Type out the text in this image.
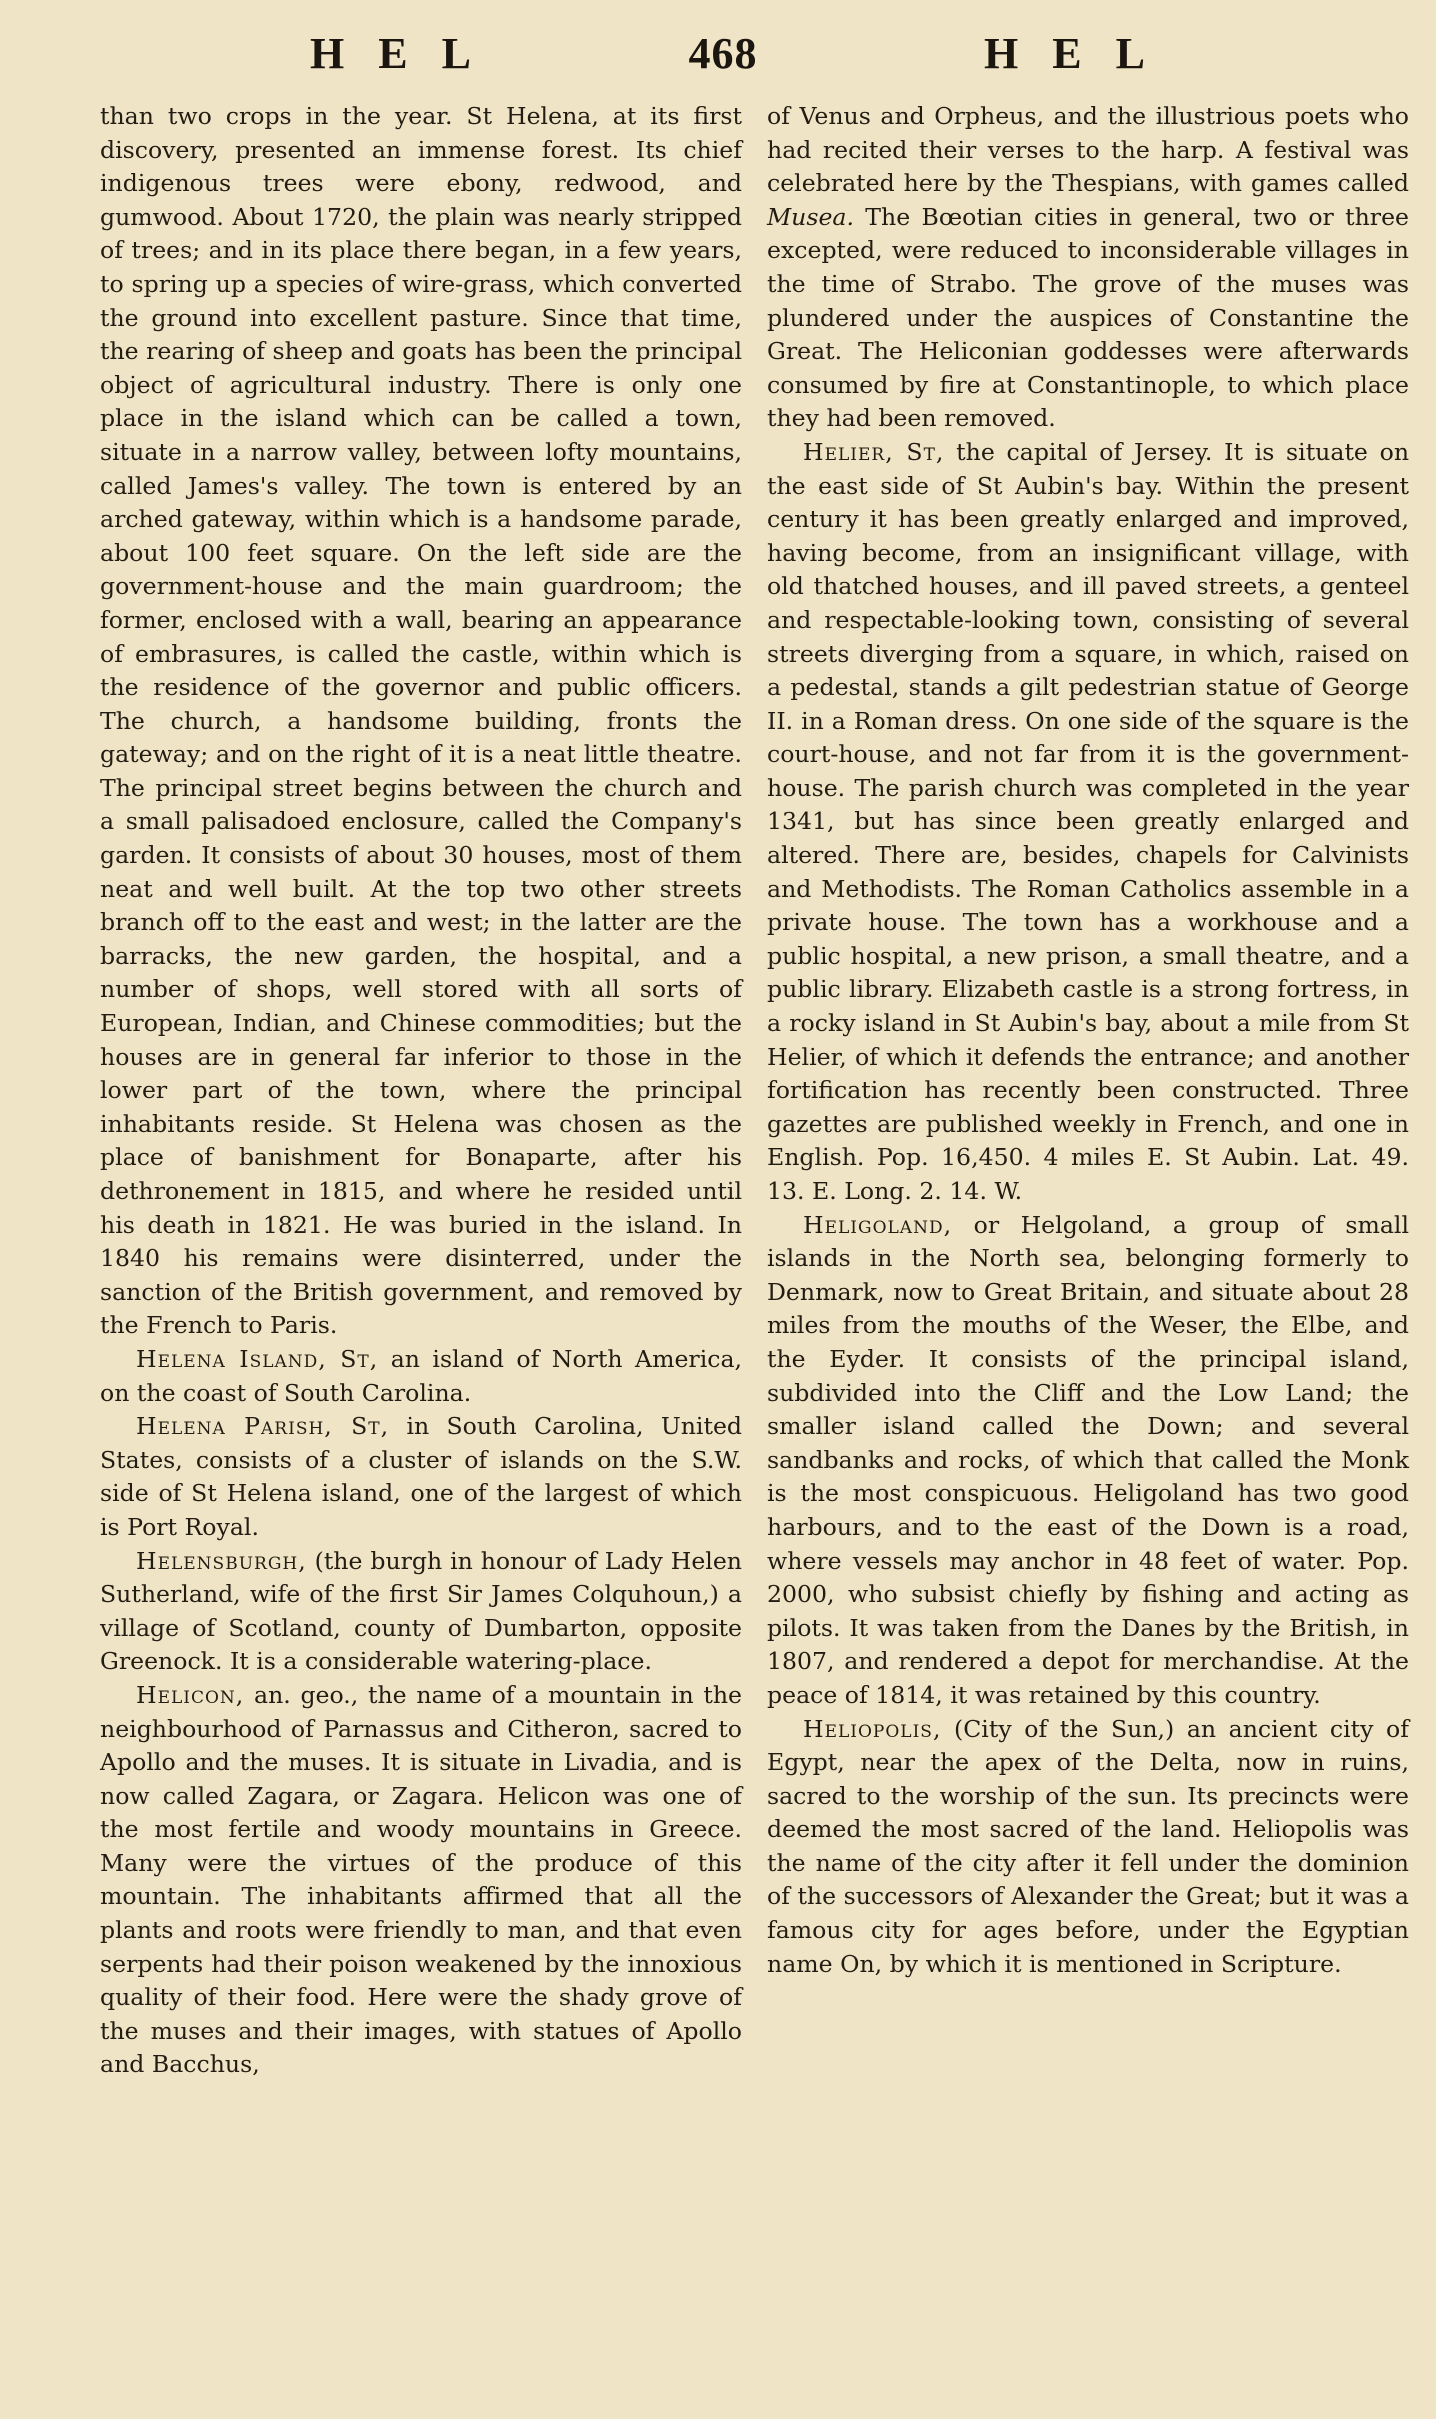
HEL	468	HEL

than two crops in the year. St Helena, at its first discovery, presented an immense forest. Its chief indigenous trees were ebony, redwood, and gumwood. About 1720, the plain was nearly stripped of trees; and in its place there began, in a few years, to spring up a species of wire-grass, which converted the ground into excellent pasture. Since that time, the rearing of sheep and goats has been the principal object of agricultural industry. There is only one place in the island which can be called a town, situate in a narrow valley, between lofty mountains, called James's valley. The town is entered by an arched gateway, within which is a handsome parade, about 100 feet square. On the left side are the government-house and the main guardroom; the former, enclosed with a wall, bearing an appearance of embrasures, is called the castle, within which is the residence of the governor and public officers. The church, a handsome building, fronts the gateway; and on the right of it is a neat little theatre. The principal street begins between the church and a small palisadoed enclosure, called the Company's garden. It consists of about 30 houses, most of them neat and well built. At the top two other streets branch off to the east and west; in the latter are the barracks, the new garden, the hospital, and a number of shops, well stored with all sorts of European, Indian, and Chinese commodities; but the houses are in general far inferior to those in the lower part of the town, where the principal inhabitants reside. St Helena was chosen as the place of banishment for Bonaparte, after his dethronement in 1815, and where he resided until his death in 1821. He was buried in the island. In 1840 his remains were disinterred, under the sanction of the British government, and removed by the French to Paris.

Helena Island, St, an island of North America, on the coast of South Carolina.

Helena Parish, St, in South Carolina, United States, consists of a cluster of islands on the S.W. side of St Helena island, one of the largest of which is Port Royal.

Helensburgh, (the burgh in honour of Lady Helen Sutherland, wife of the first Sir James Colquhoun,) a village of Scotland, county of Dumbarton, opposite Greenock. It is a considerable watering-place.

Helicon, an. geo., the name of a mountain in the neighbourhood of Parnassus and Citheron, sacred to Apollo and the muses. It is situate in Livadia, and is now called Zagara, or Zagara. Helicon was one of the most fertile and woody mountains in Greece. Many were the virtues of the produce of this mountain. The inhabitants affirmed that all the plants and roots were friendly to man, and that even serpents had their poison weakened by the innoxious quality of their food. Here were the shady grove of the muses and their images, with statues of Apollo and Bacchus,

of Venus and Orpheus, and the illustrious poets who had recited their verses to the harp. A festival was celebrated here by the Thespians, with games called Musea. The Bœotian cities in general, two or three excepted, were reduced to inconsiderable villages in the time of Strabo. The grove of the muses was plundered under the auspices of Constantine the Great. The Heliconian goddesses were afterwards consumed by fire at Constantinople, to which place they had been removed.

Helier, St, the capital of Jersey. It is situate on the east side of St Aubin's bay. Within the present century it has been greatly enlarged and improved, having become, from an insignificant village, with old thatched houses, and ill paved streets, a genteel and respectable-looking town, consisting of several streets diverging from a square, in which, raised on a pedestal, stands a gilt pedestrian statue of George II. in a Roman dress. On one side of the square is the court-house, and not far from it is the government-house. The parish church was completed in the year 1341, but has since been greatly enlarged and altered. There are, besides, chapels for Calvinists and Methodists. The Roman Catholics assemble in a private house. The town has a workhouse and a public hospital, a new prison, a small theatre, and a public library. Elizabeth castle is a strong fortress, in a rocky island in St Aubin's bay, about a mile from St Helier, of which it defends the entrance; and another fortification has recently been constructed. Three gazettes are published weekly in French, and one in English. Pop. 16,450. 4 miles E. St Aubin. Lat. 49. 13. E. Long. 2. 14. W.

Heligoland, or Helgoland, a group of small islands in the North sea, belonging formerly to Denmark, now to Great Britain, and situate about 28 miles from the mouths of the Weser, the Elbe, and the Eyder. It consists of the principal island, subdivided into the Cliff and the Low Land; the smaller island called the Down; and several sandbanks and rocks, of which that called the Monk is the most conspicuous. Heligoland has two good harbours, and to the east of the Down is a road, where vessels may anchor in 48 feet of water. Pop. 2000, who subsist chiefly by fishing and acting as pilots. It was taken from the Danes by the British, in 1807, and rendered a depot for merchandise. At the peace of 1814, it was retained by this country.

Heliopolis, (City of the Sun,) an ancient city of Egypt, near the apex of the Delta, now in ruins, sacred to the worship of the sun. Its precincts were deemed the most sacred of the land. Heliopolis was the name of the city after it fell under the dominion of the successors of Alexander the Great; but it was a famous city for ages before, under the Egyptian name On, by which it is mentioned in Scripture.
